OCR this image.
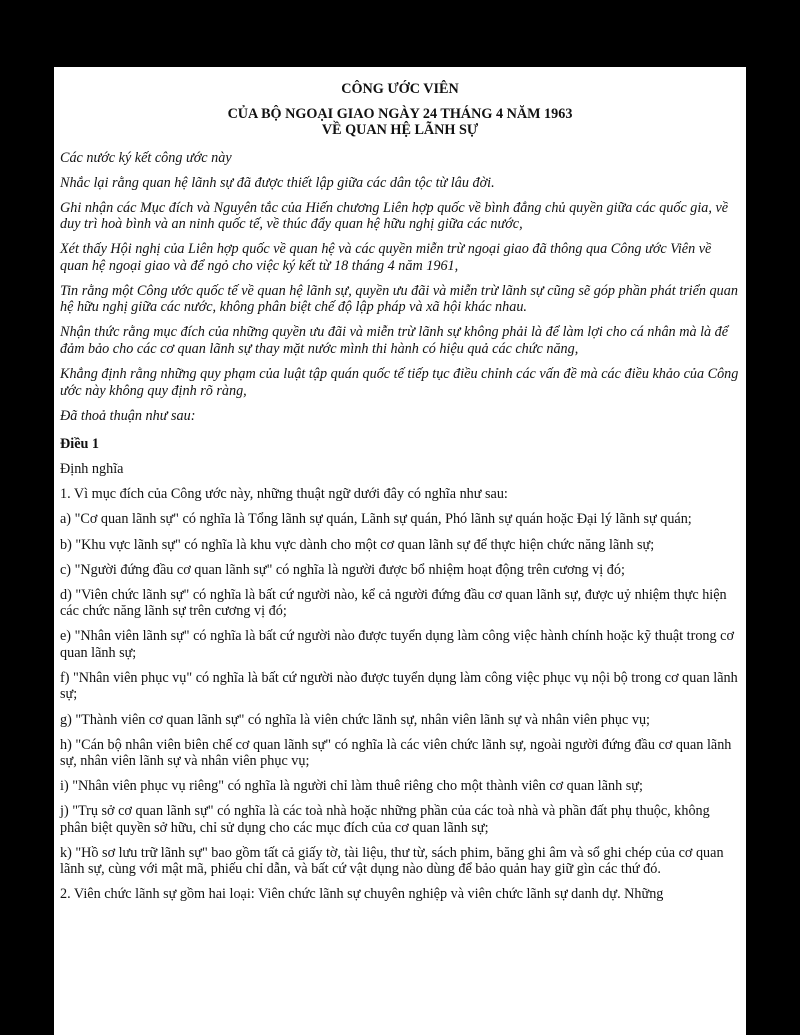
CÔNG ƯỚC VIÊN
CỦA BỘ NGOẠI GIAO NGÀY 24 THÁNG 4 NĂM 1963
VỀ QUAN HỆ LÃNH SỰ

Các nước ký kết công ước này

Nhắc lại rằng quan hệ lãnh sự đã được thiết lập giữa các dân tộc từ lâu đời.

Ghi nhận các Mục đích và Nguyên tắc của Hiến chương Liên hợp quốc về bình đẳng chủ quyền giữa các quốc gia, về duy trì hoà bình và an ninh quốc tế, về thúc đẩy quan hệ hữu nghị giữa các nước,

Xét thấy Hội nghị của Liên hợp quốc về quan hệ và các quyền miễn trừ ngoại giao đã thông qua Công ước Viên về quan hệ ngoại giao và để ngỏ cho việc ký kết từ 18 tháng 4 năm 1961,

Tin rằng một Công ước quốc tế về quan hệ lãnh sự, quyền ưu đãi và miễn trừ lãnh sự cũng sẽ góp phần phát triển quan hệ hữu nghị giữa các nước, không phân biệt chế độ lập pháp và xã hội khác nhau.

Nhận thức rằng mục đích của những quyền ưu đãi và miễn trừ lãnh sự không phải là để làm lợi cho cá nhân mà là để đảm bảo cho các cơ quan lãnh sự thay mặt nước mình thi hành có hiệu quả các chức năng,

Khẳng định rằng những quy phạm của luật tập quán quốc tế tiếp tục điều chỉnh các vấn đề mà các điều khảo của Công ước này không quy định rõ ràng,

Đã thoả thuận như sau:

Điều 1

Định nghĩa

1. Vì mục đích của Công ước này, những thuật ngữ dưới đây có nghĩa như sau:

a) "Cơ quan lãnh sự" có nghĩa là Tổng lãnh sự quán, Lãnh sự quán, Phó lãnh sự quán hoặc Đại lý lãnh sự quán;

b) "Khu vực lãnh sự" có nghĩa là khu vực dành cho một cơ quan lãnh sự để thực hiện chức năng lãnh sự;

c) "Người đứng đầu cơ quan lãnh sự" có nghĩa là người được bổ nhiệm hoạt động trên cương vị đó;

d) "Viên chức lãnh sự" có nghĩa là bất cứ người nào, kể cả người đứng đầu cơ quan lãnh sự, được uỷ nhiệm thực hiện các chức năng lãnh sự trên cương vị đó;

e) "Nhân viên lãnh sự" có nghĩa là bất cứ người nào được tuyển dụng làm công việc hành chính hoặc kỹ thuật trong cơ quan lãnh sự;

f) "Nhân viên phục vụ" có nghĩa là bất cứ người nào được tuyển dụng làm công việc phục vụ nội bộ trong cơ quan lãnh sự;

g) "Thành viên cơ quan lãnh sự" có nghĩa là viên chức lãnh sự, nhân viên lãnh sự và nhân viên phục vụ;

h) "Cán bộ nhân viên biên chế cơ quan lãnh sự" có nghĩa là các viên chức lãnh sự, ngoài người đứng đầu cơ quan lãnh sự, nhân viên lãnh sự và nhân viên phục vụ;

i) "Nhân viên phục vụ riêng" có nghĩa là người chỉ làm thuê riêng cho một thành viên cơ quan lãnh sự;

j) "Trụ sở cơ quan lãnh sự" có nghĩa là các toà nhà hoặc những phần của các toà nhà và phần đất phụ thuộc, không phân biệt quyền sở hữu, chỉ sử dụng cho các mục đích của cơ quan lãnh sự;

k) "Hồ sơ lưu trữ lãnh sự" bao gồm tất cả giấy tờ, tài liệu, thư từ, sách phim, băng ghi âm và sổ ghi chép của cơ quan lãnh sự, cùng với mật mã, phiếu chỉ dẫn, và bất cứ vật dụng nào dùng để bảo quản hay giữ gìn các thứ đó.

2. Viên chức lãnh sự gồm hai loại: Viên chức lãnh sự chuyên nghiệp và viên chức lãnh sự danh dự. Những
